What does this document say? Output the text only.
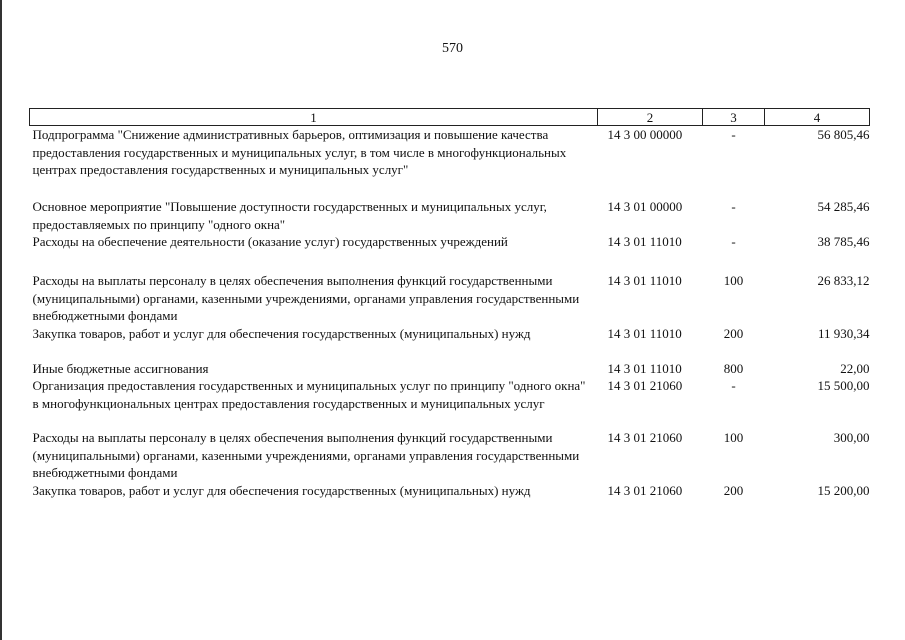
570
1	2	3	4
Подпрограмма "Снижение административных барьеров, оптимизация и повышение качества предоставления государственных и муниципальных услуг, в том числе в многофункциональных центрах предоставления государственных и муниципальных услуг"	14 3 00 00000	-	56 805,46
Основное мероприятие "Повышение доступности государственных и муниципальных услуг, предоставляемых по принципу "одного окна"	14 3 01 00000	-	54 285,46
Расходы на обеспечение деятельности (оказание услуг) государственных учреждений	14 3 01 11010	-	38 785,46
Расходы на выплаты персоналу в целях обеспечения выполнения функций государственными (муниципальными) органами, казенными учреждениями, органами управления государственными внебюджетными фондами	14 3 01 11010	100	26 833,12
Закупка товаров, работ и услуг для обеспечения государственных (муниципальных) нужд	14 3 01 11010	200	11 930,34
Иные бюджетные ассигнования	14 3 01 11010	800	22,00
Организация предоставления государственных и муниципальных услуг по принципу "одного окна" в многофункциональных центрах предоставления государственных и муниципальных услуг	14 3 01 21060	-	15 500,00
Расходы на выплаты персоналу в целях обеспечения выполнения функций государственными (муниципальными) органами, казенными учреждениями, органами управления государственными внебюджетными фондами	14 3 01 21060	100	300,00
Закупка товаров, работ и услуг для обеспечения государственных (муниципальных) нужд	14 3 01 21060	200	15 200,00
